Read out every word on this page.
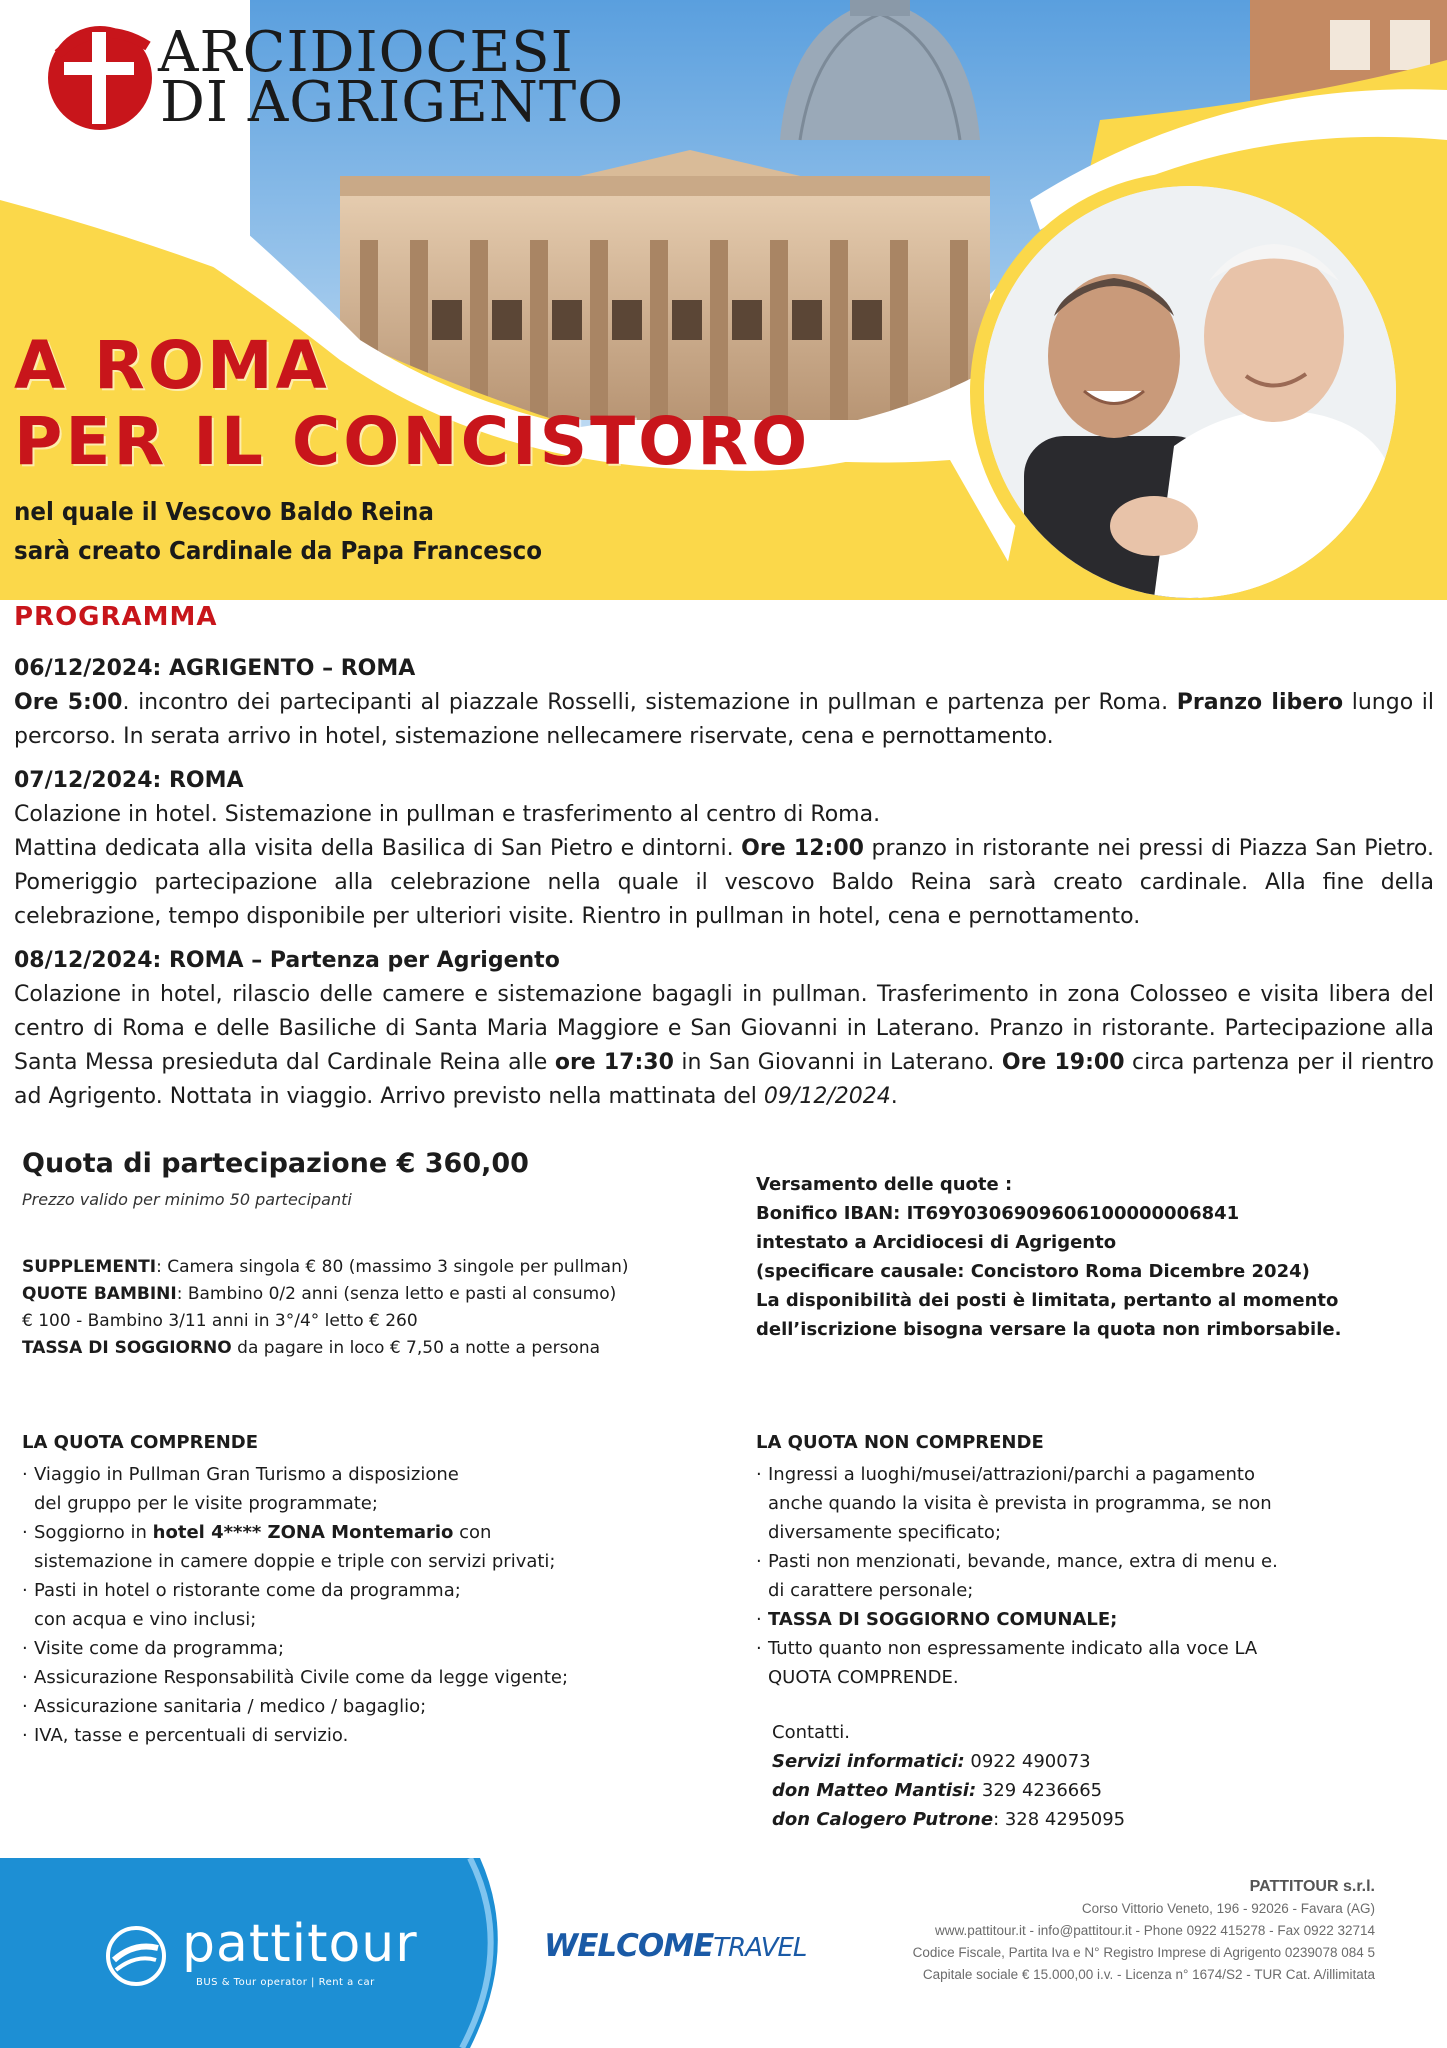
ARCIDIOCESI
DI AGRIGENTO
A ROMA
PER IL CONCISTORO
nel quale il Vescovo Baldo Reina
sarà creato Cardinale da Papa Francesco
PROGRAMMA
06/12/2024: AGRIGENTO – ROMA

Ore 5:00. incontro dei partecipanti al piazzale Rosselli, sistemazione in pullman e partenza per Roma. Pranzo libero lungo il percorso. In serata arrivo in hotel, sistemazione nellecamere riservate, cena e pernottamento.

07/12/2024: ROMA

Colazione in hotel. Sistemazione in pullman e trasferimento al centro di Roma.

Mattina dedicata alla visita della Basilica di San Pietro e dintorni. Ore 12:00 pranzo in ristorante nei pressi di Piazza San Pietro. Pomeriggio partecipazione alla celebrazione nella quale il vescovo Baldo Reina sarà creato cardinale. Alla fine della celebrazione, tempo disponibile per ulteriori visite. Rientro in pullman in hotel, cena e pernottamento.

08/12/2024: ROMA – Partenza per Agrigento

Colazione in hotel, rilascio delle camere e sistemazione bagagli in pullman. Trasferimento in zona Colosseo e visita libera del centro di Roma e delle Basiliche di Santa Maria Maggiore e San Giovanni in Laterano. Pranzo in ristorante. Partecipazione alla Santa Messa presieduta dal Cardinale Reina alle ore 17:30 in San Giovanni in Laterano. Ore 19:00 circa partenza per il rientro ad Agrigento. Nottata in viaggio. Arrivo previsto nella mattinata del 09/12/2024.

Quota di partecipazione € 360,00
Prezzo valido per minimo 50 partecipanti
SUPPLEMENTI: Camera singola € 80 (massimo 3 singole per pullman)
QUOTE BAMBINI: Bambino 0/2 anni (senza letto e pasti al consumo)
€ 100 - Bambino 3/11 anni in 3°/4° letto € 260
TASSA DI SOGGIORNO da pagare in loco € 7,50 a notte a persona
Versamento delle quote :
Bonifico IBAN: IT69Y0306909606100000006841
intestato a Arcidiocesi di Agrigento
(specificare causale: Concistoro Roma Dicembre 2024)
La disponibilità dei posti è limitata, pertanto al momento
dell’iscrizione bisogna versare la quota non rimborsabile.
LA QUOTA COMPRENDE
· Viaggio in Pullman Gran Turismo a disposizione
del gruppo per le visite programmate;
· Soggiorno in hotel 4**** ZONA Montemario con
sistemazione in camere doppie e triple con servizi privati;
· Pasti in hotel o ristorante come da programma;
con acqua e vino inclusi;
· Visite come da programma;
· Assicurazione Responsabilità Civile come da legge vigente;
· Assicurazione sanitaria / medico / bagaglio;
· IVA, tasse e percentuali di servizio.
LA QUOTA NON COMPRENDE
· Ingressi a luoghi/musei/attrazioni/parchi a pagamento
anche quando la visita è prevista in programma, se non
diversamente specificato;
· Pasti non menzionati, bevande, mance, extra di menu e.
di carattere personale;
· TASSA DI SOGGIORNO COMUNALE;
· Tutto quanto non espressamente indicato alla voce LA
QUOTA COMPRENDE.
Contatti.
Servizi informatici: 0922 490073
don Matteo Mantisi: 329 4236665
don Calogero Putrone: 328 4295095
pattitour
BUS & Tour operator | Rent a car
WELCOMETRAVEL
PATTITOUR s.r.l.
Corso Vittorio Veneto, 196 - 92026 - Favara (AG)
www.pattitour.it - info@pattitour.it - Phone 0922 415278 - Fax 0922 32714
Codice Fiscale, Partita Iva e N° Registro Imprese di Agrigento 0239078 084 5
Capitale sociale € 15.000,00 i.v. - Licenza n° 1674/S2 - TUR Cat. A/illimitata
